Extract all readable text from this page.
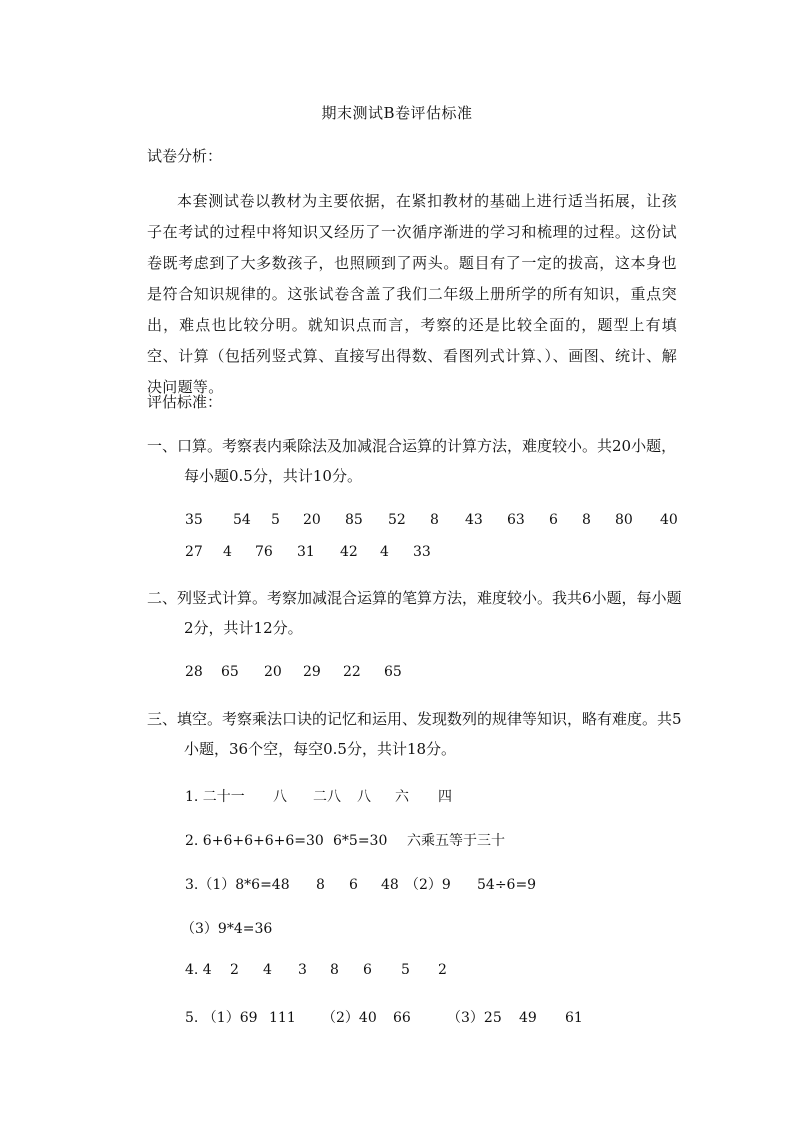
期末测试B卷评估标准
试卷分析：
本套测试卷以教材为主要依据，在紧扣教材的基础上进行适当拓展，让孩子在考试的过程中将知识又经历了一次循序渐进的学习和梳理的过程。这份试卷既考虑到了大多数孩子，也照顾到了两头。题目有了一定的拔高，这本身也是符合知识规律的。这张试卷含盖了我们二年级上册所学的所有知识，重点突出，难点也比较分明。就知识点而言，考察的还是比较全面的，题型上有填空、计算（包括列竖式算、直接写出得数、看图列式计算、）、画图、统计、解决问题等。
评估标准：
一、口算。考察表内乘除法及加减混合运算的计算方法，难度较小。共20小题，每小题0.5分，共计10分。
35 54 5 20 85 52 8 43 63 6 8 80 40
27 4 76 31 42 4 33
二、列竖式计算。考察加减混合运算的笔算方法，难度较小。我共6小题，每小题2分，共计12分。
28 65 20 29 22 65
三、填空。考察乘法口诀的记忆和运用、发现数列的规律等知识，略有难度。共5小题，36个空，每空0.5分，共计18分。
1. 二十一 八 二八 八 六 四
2. 6+6+6+6+6=30 6*5=30 六乘五等于三十
3.（1）8*6=48 8 6 48 （2）9 54÷6=9
（3）9*4=36
4. 4 2 4 3 8 6 5 2
5. （1）69 111 （2）40 66	（3）25 49 61
